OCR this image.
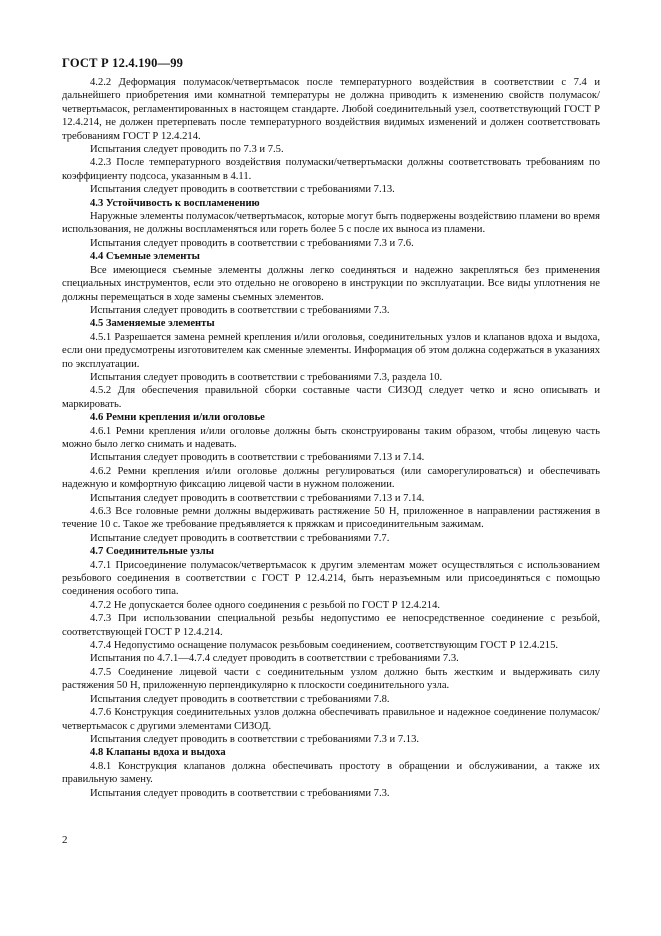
ГОСТ Р 12.4.190—99

4.2.2 Деформация полумасок/четвертьмасок после температурного воздействия в соответствии с 7.4 и дальнейшего приобретения ими комнатной температуры не должна приводить к изменению свойств полумасок/четвертьмасок, регламентированных в настоящем стандарте. Любой соединительный узел, соответствующий ГОСТ Р 12.4.214, не должен претерпевать после температурного воздействия видимых изменений и должен соответствовать требованиям ГОСТ Р 12.4.214.

Испытания следует проводить по 7.3 и 7.5.

4.2.3 После температурного воздействия полумаски/четвертьмаски должны соответствовать требованиям по коэффициенту подсоса, указанным в 4.11.

Испытания следует проводить в соответствии с требованиями 7.13.

4.3 Устойчивость к воспламенению

Наружные элементы полумасок/четвертьмасок, которые могут быть подвержены воздействию пламени во время использования, не должны воспламеняться или гореть более 5 с после их выноса из пламени.

Испытания следует проводить в соответствии с требованиями 7.3 и 7.6.

4.4 Съемные элементы

Все имеющиеся съемные элементы должны легко соединяться и надежно закрепляться без применения специальных инструментов, если это отдельно не оговорено в инструкции по эксплуатации. Все виды уплотнения не должны перемещаться в ходе замены съемных элементов.

Испытания следует проводить в соответствии с требованиями 7.3.

4.5 Заменяемые элементы

4.5.1 Разрешается замена ремней крепления и/или оголовья, соединительных узлов и клапанов вдоха и выдоха, если они предусмотрены изготовителем как сменные элементы. Информация об этом должна содержаться в указаниях по эксплуатации.

Испытания следует проводить в соответствии с требованиями 7.3, раздела 10.

4.5.2 Для обеспечения правильной сборки составные части СИЗОД следует четко и ясно описывать и маркировать.

4.6 Ремни крепления и/или оголовье

4.6.1 Ремни крепления и/или оголовье должны быть сконструированы таким образом, чтобы лицевую часть можно было легко снимать и надевать.

Испытания следует проводить в соответствии с требованиями 7.13 и 7.14.

4.6.2 Ремни крепления и/или оголовье должны регулироваться (или саморегулироваться) и обеспечивать надежную и комфортную фиксацию лицевой части в нужном положении.

Испытания следует проводить в соответствии с требованиями 7.13 и 7.14.

4.6.3 Все головные ремни должны выдерживать растяжение 50 Н, приложенное в направлении растяжения в течение 10 с. Такое же требование предъявляется к пряжкам и присоединительным зажимам.

Испытание следует проводить в соответствии с требованиями 7.7.

4.7 Соединительные узлы

4.7.1 Присоединение полумасок/четвертьмасок к другим элементам может осуществляться с использованием резьбового соединения в соответствии с ГОСТ Р 12.4.214, быть неразъемным или присоединяться с помощью соединения особого типа.

4.7.2 Не допускается более одного соединения с резьбой по ГОСТ Р 12.4.214.

4.7.3 При использовании специальной резьбы недопустимо ее непосредственное соединение с резьбой, соответствующей ГОСТ Р 12.4.214.

4.7.4 Недопустимо оснащение полумасок резьбовым соединением, соответствующим ГОСТ Р 12.4.215.

Испытания по 4.7.1—4.7.4 следует проводить в соответствии с требованиями 7.3.

4.7.5 Соединение лицевой части с соединительным узлом должно быть жестким и выдерживать силу растяжения 50 Н, приложенную перпендикулярно к плоскости соединительного узла.

Испытания следует проводить в соответствии с требованиями 7.8.

4.7.6 Конструкция соединительных узлов должна обеспечивать правильное и надежное соединение полумасок/четвертьмасок с другими элементами СИЗОД.

Испытания следует проводить в соответствии с требованиями 7.3 и 7.13.

4.8 Клапаны вдоха и выдоха

4.8.1 Конструкция клапанов должна обеспечивать простоту в обращении и обслуживании, а также их правильную замену.

Испытания следует проводить в соответствии с требованиями 7.3.

2
